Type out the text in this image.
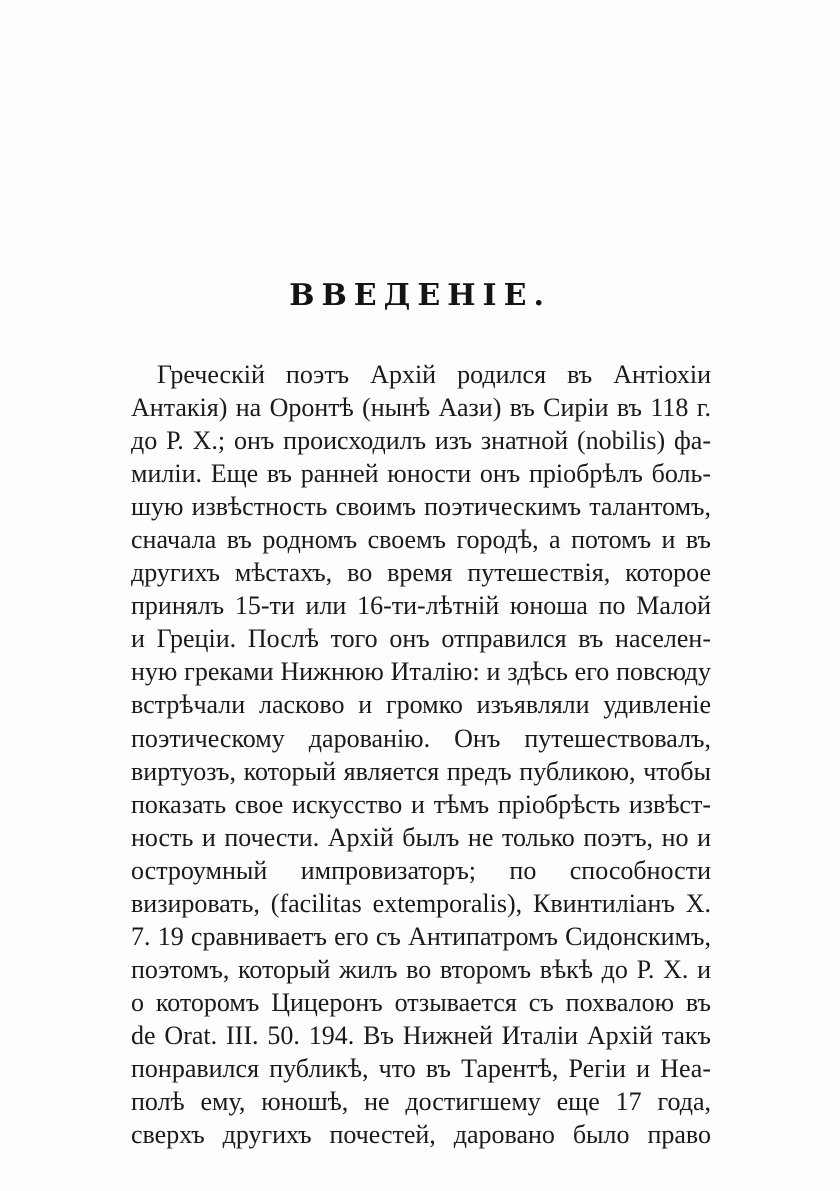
ВВЕДЕНІЕ.
Греческій поэтъ Архій родился въ Антіохіи
Антакія) на Оронтѣ (нынѣ Аази) въ Сиріи въ 118 г.
до Р. Х.; онъ происходилъ изъ знатной (nobilis) фа-
миліи. Еще въ ранней юности онъ пріобрѣлъ боль-
шую извѣстность своимъ поэтическимъ талантомъ,
сначала въ родномъ своемъ городѣ, а потомъ и въ
другихъ мѣстахъ, во время путешествія, которое
принялъ 15-ти или 16-ти-лѣтній юноша по Малой
и Греціи. Послѣ того онъ отправился въ населен-
ную греками Нижнюю Италію: и здѣсь его повсюду
встрѣчали ласково и громко изъявляли удивленіе
поэтическому дарованію. Онъ путешествовалъ,
виртуозъ, который является предъ публикою, чтобы
показать свое искусство и тѣмъ пріобрѣсть извѣст-
ность и почести. Архій былъ не только поэтъ, но и
остроумный импровизаторъ; по способности
визировать, (facilitas extemporalis), Квинтиліанъ X.
7. 19 сравниваетъ его съ Антипатромъ Сидонскимъ,
поэтомъ, который жилъ во второмъ вѣкѣ до Р. Х. и
о которомъ Цицеронъ отзывается съ похвалою въ
de Orat. III. 50. 194. Въ Нижней Италіи Архій такъ
понравился публикѣ, что въ Тарентѣ, Регіи и Неа-
полѣ ему, юношѣ, не достигшему еще 17 года,
сверхъ другихъ почестей, даровано было право
